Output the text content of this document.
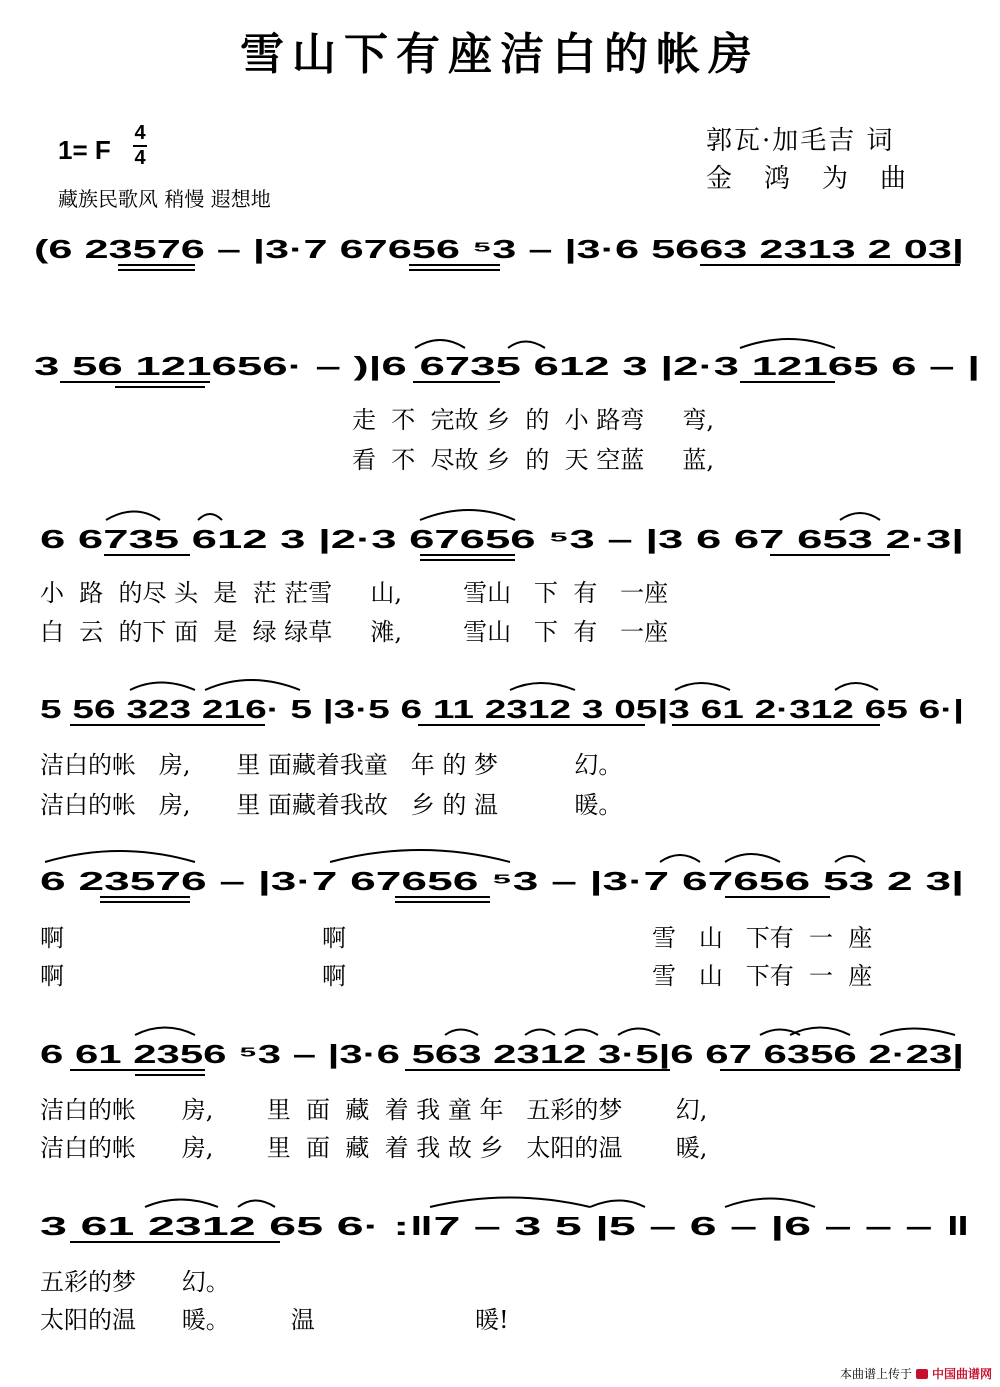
雪山下有座洁白的帐房
1= F
4
4
藏族民歌风 稍慢 遐想地
郭瓦·加毛吉 词
金 鸿 为 曲
(6 23576 – |3·7 67656 ⁵3 – |3·6 5663 2313 2 03|
3 56 121656· – )|6 6735 612 3 |2·3 12165 6 – |
6 6735 612 3 |2·3 67656 ⁵3 – |3 6 67 653 2·3|
5 56 323 216· 5 |3·5 6 11 2312 3 05|3 61 2·312 65 6·|
6 23576 – |3·7 67656 ⁵3 – |3·7 67656 53 2 3|
6 61 2356 ⁵3 – |3·6 563 2312 3·5|6 67 6356 2·23|
3 61 2312 65 6· :‖7 – 3 5 |5 – 6 – |6 – – – ‖
走  不  完故 乡  的  小 路弯     弯,
看  不  尽故 乡  的  天 空蓝     蓝,
小  路  的尽 头  是  茫 茫雪     山,        雪山   下  有   一座
白  云  的下 面  是  绿 绿草     滩,        雪山   下  有   一座
洁白的帐   房,      里 面藏着我童   年 的 梦          幻。
洁白的帐   房,      里 面藏着我故   乡 的 温          暖。
啊	啊	雪   山   下有  一  座
啊	啊	雪   山   下有  一  座
洁白的帐      房,       里  面  藏  着 我 童 年   五彩的梦       幻,
洁白的帐      房,       里  面  藏  着 我 故 乡   太阳的温       暖,
五彩的梦      幻。
太阳的温      暖。        温                     暖!
本曲谱上传于 中国曲谱网
